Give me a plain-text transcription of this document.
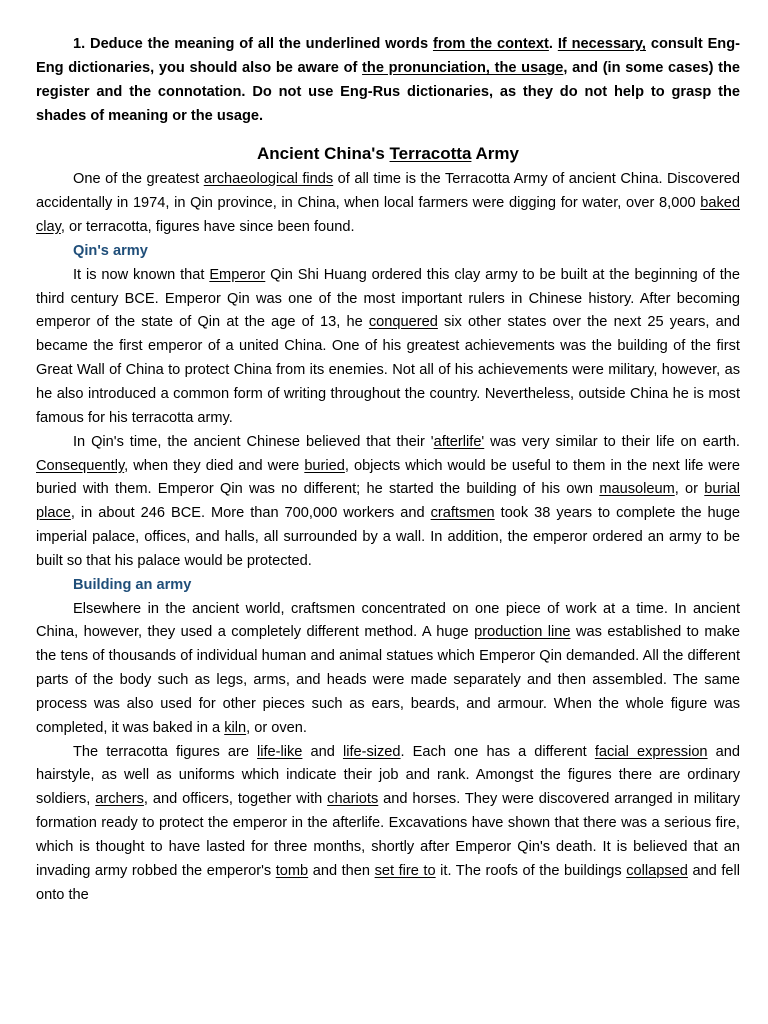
1. Deduce the meaning of all the underlined words from the context. If necessary, consult Eng-Eng dictionaries, you should also be aware of the pronunciation, the usage, and (in some cases) the register and the connotation. Do not use Eng-Rus dictionaries, as they do not help to grasp the shades of meaning or the usage.

Ancient China's Terracotta Army

One of the greatest archaeological finds of all time is the Terracotta Army of ancient China. Discovered accidentally in 1974, in Qin province, in China, when local farmers were digging for water, over 8,000 baked clay, or terracotta, figures have since been found.

Qin's army

It is now known that Emperor Qin Shi Huang ordered this clay army to be built at the beginning of the third century BCE. Emperor Qin was one of the most important rulers in Chinese history. After becoming emperor of the state of Qin at the age of 13, he conquered six other states over the next 25 years, and became the first emperor of a united China. One of his greatest achievements was the building of the first Great Wall of China to protect China from its enemies. Not all of his achievements were military, however, as he also introduced a common form of writing throughout the country. Nevertheless, outside China he is most famous for his terracotta army.

In Qin's time, the ancient Chinese believed that their 'afterlife' was very similar to their life on earth. Consequently, when they died and were buried, objects which would be useful to them in the next life were buried with them. Emperor Qin was no different; he started the building of his own mausoleum, or burial place, in about 246 BCE. More than 700,000 workers and craftsmen took 38 years to complete the huge imperial palace, offices, and halls, all surrounded by a wall. In addition, the emperor ordered an army to be built so that his palace would be protected.

Building an army

Elsewhere in the ancient world, craftsmen concentrated on one piece of work at a time. In ancient China, however, they used a completely different method. A huge production line was established to make the tens of thousands of individual human and animal statues which Emperor Qin demanded. All the different parts of the body such as legs, arms, and heads were made separately and then assembled. The same process was also used for other pieces such as ears, beards, and armour. When the whole figure was completed, it was baked in a kiln, or oven.

The terracotta figures are life-like and life-sized. Each one has a different facial expression and hairstyle, as well as uniforms which indicate their job and rank. Amongst the figures there are ordinary soldiers, archers, and officers, together with chariots and horses. They were discovered arranged in military formation ready to protect the emperor in the afterlife. Excavations have shown that there was a serious fire, which is thought to have lasted for three months, shortly after Emperor Qin's death. It is believed that an invading army robbed the emperor's tomb and then set fire to it. The roofs of the buildings collapsed and fell onto the
